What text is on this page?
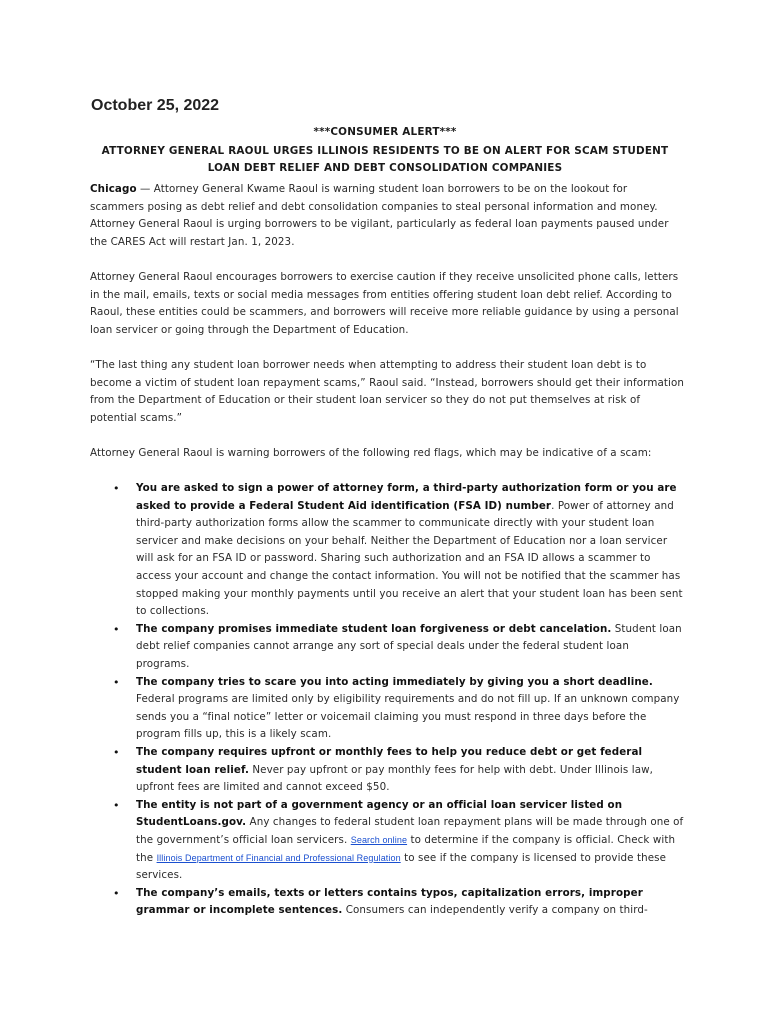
October 25, 2022
***CONSUMER ALERT***
ATTORNEY GENERAL RAOUL URGES ILLINOIS RESIDENTS TO BE ON ALERT FOR SCAM STUDENT
LOAN DEBT RELIEF AND DEBT CONSOLIDATION COMPANIES

Chicago — Attorney General Kwame Raoul is warning student loan borrowers to be on the lookout for scammers posing as debt relief and debt consolidation companies to steal personal information and money. Attorney General Raoul is urging borrowers to be vigilant, particularly as federal loan payments paused under the CARES Act will restart Jan. 1, 2023.

Attorney General Raoul encourages borrowers to exercise caution if they receive unsolicited phone calls, letters in the mail, emails, texts or social media messages from entities offering student loan debt relief. According to Raoul, these entities could be scammers, and borrowers will receive more reliable guidance by using a personal loan servicer or going through the Department of Education.

“The last thing any student loan borrower needs when attempting to address their student loan debt is to become a victim of student loan repayment scams,” Raoul said. “Instead, borrowers should get their information from the Department of Education or their student loan servicer so they do not put themselves at risk of potential scams.”

Attorney General Raoul is warning borrowers of the following red flags, which may be indicative of a scam:

• You are asked to sign a power of attorney form, a third-party authorization form or you are asked to provide a Federal Student Aid identification (FSA ID) number. Power of attorney and third-party authorization forms allow the scammer to communicate directly with your student loan servicer and make decisions on your behalf. Neither the Department of Education nor a loan servicer will ask for an FSA ID or password. Sharing such authorization and an FSA ID allows a scammer to access your account and change the contact information. You will not be notified that the scammer has stopped making your monthly payments until you receive an alert that your student loan has been sent to collections.
• The company promises immediate student loan forgiveness or debt cancelation. Student loan debt relief companies cannot arrange any sort of special deals under the federal student loan programs.
• The company tries to scare you into acting immediately by giving you a short deadline. Federal programs are limited only by eligibility requirements and do not fill up. If an unknown company sends you a “final notice” letter or voicemail claiming you must respond in three days before the program fills up, this is a likely scam.
• The company requires upfront or monthly fees to help you reduce debt or get federal student loan relief. Never pay upfront or pay monthly fees for help with debt. Under Illinois law, upfront fees are limited and cannot exceed $50.
• The entity is not part of a government agency or an official loan servicer listed on StudentLoans.gov. Any changes to federal student loan repayment plans will be made through one of the government’s official loan servicers. Search online to determine if the company is official. Check with the Illinois Department of Financial and Professional Regulation to see if the company is licensed to provide these services.
• The company’s emails, texts or letters contains typos, capitalization errors, improper grammar or incomplete sentences. Consumers can independently verify a company on third-
